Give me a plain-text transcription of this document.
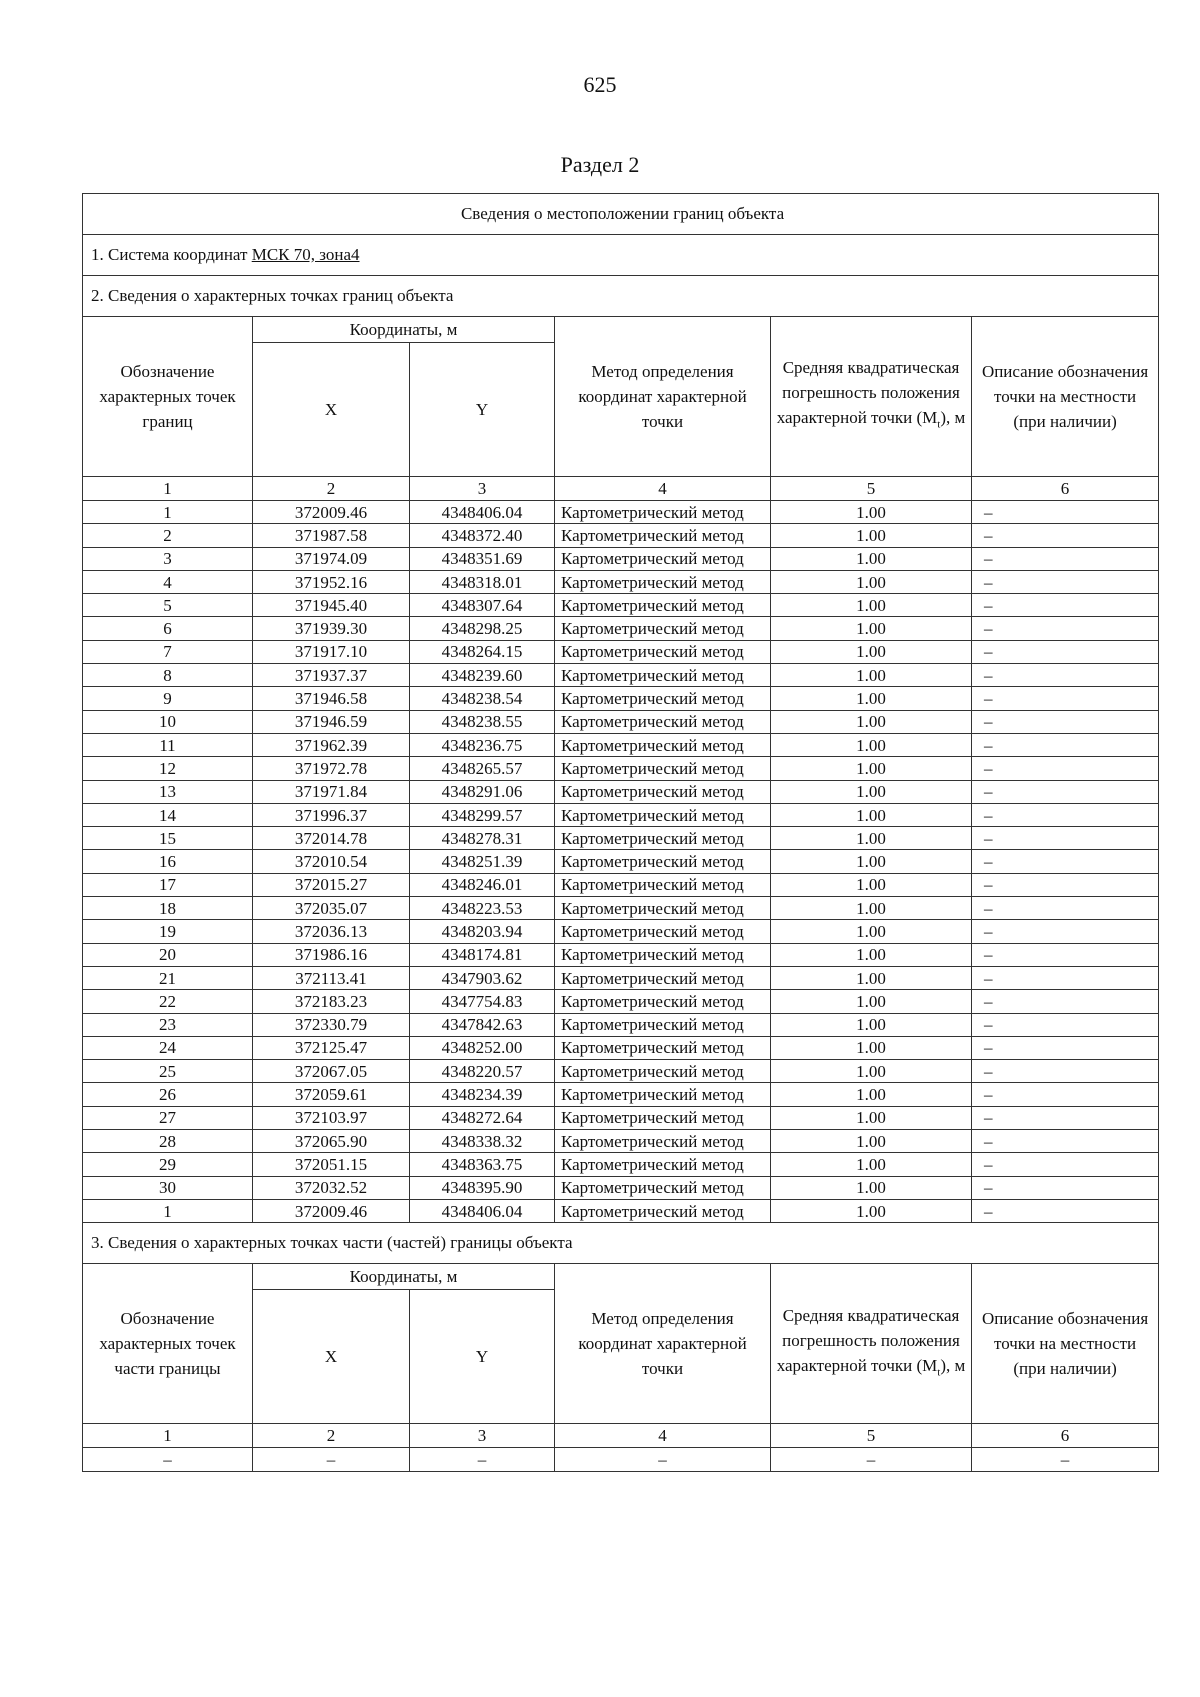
625
Раздел 2
Сведения о местоположении границ объекта					
1. Система координат МСК 70, зона4					
2. Сведения о характерных точках границ объекта					
Обозначение характерных точек границ	Координаты, м		Метод определения координат характерной точки	Средняя квадратическая погрешность положения характерной точки $(M_t)$, м	Описание обозначения точки на местности (при наличии)
	X	Y			
1	2	3	4	5	6
1	372009.46	4348406.04	Картометрический метод	1.00	–
2	371987.58	4348372.40	Картометрический метод	1.00	–
3	371974.09	4348351.69	Картометрический метод	1.00	–
4	371952.16	4348318.01	Картометрический метод	1.00	–
5	371945.40	4348307.64	Картометрический метод	1.00	–
6	371939.30	4348298.25	Картометрический метод	1.00	–
7	371917.10	4348264.15	Картометрический метод	1.00	–
8	371937.37	4348239.60	Картометрический метод	1.00	–
9	371946.58	4348238.54	Картометрический метод	1.00	–
10	371946.59	4348238.55	Картометрический метод	1.00	–
11	371962.39	4348236.75	Картометрический метод	1.00	–
12	371972.78	4348265.57	Картометрический метод	1.00	–
13	371971.84	4348291.06	Картометрический метод	1.00	–
14	371996.37	4348299.57	Картометрический метод	1.00	–
15	372014.78	4348278.31	Картометрический метод	1.00	–
16	372010.54	4348251.39	Картометрический метод	1.00	–
17	372015.27	4348246.01	Картометрический метод	1.00	–
18	372035.07	4348223.53	Картометрический метод	1.00	–
19	372036.13	4348203.94	Картометрический метод	1.00	–
20	371986.16	4348174.81	Картометрический метод	1.00	–
21	372113.41	4347903.62	Картометрический метод	1.00	–
22	372183.23	4347754.83	Картометрический метод	1.00	–
23	372330.79	4347842.63	Картометрический метод	1.00	–
24	372125.47	4348252.00	Картометрический метод	1.00	–
25	372067.05	4348220.57	Картометрический метод	1.00	–
26	372059.61	4348234.39	Картометрический метод	1.00	–
27	372103.97	4348272.64	Картометрический метод	1.00	–
28	372065.90	4348338.32	Картометрический метод	1.00	–
29	372051.15	4348363.75	Картометрический метод	1.00	–
30	372032.52	4348395.90	Картометрический метод	1.00	–
1	372009.46	4348406.04	Картометрический метод	1.00	–
3. Сведения о характерных точках части (частей) границы объекта					
Обозначение характерных точек части границы	Координаты, м		Метод определения координат характерной точки	Средняя квадратическая погрешность положения характерной точки $(M_t)$, м	Описание обозначения точки на местности (при наличии)
	X	Y			
1	2	3	4	5	6
–	–	–	–	–	–
